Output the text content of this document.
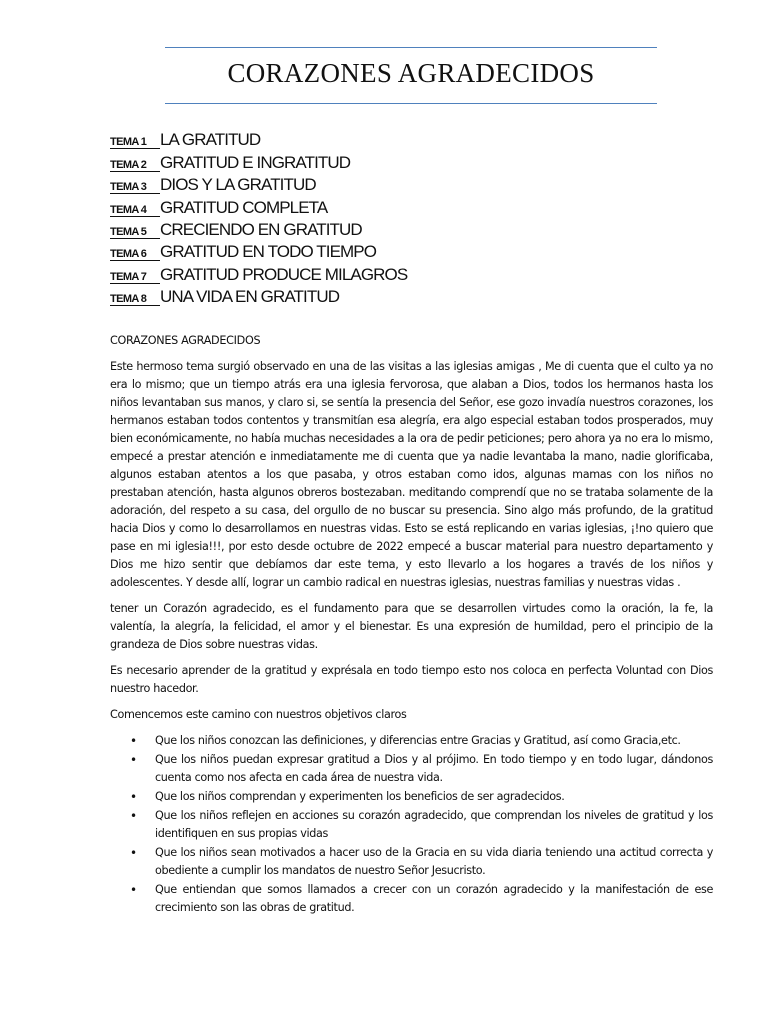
CORAZONES AGRADECIDOS
TEMA 1 LA GRATITUD
TEMA 2 GRATITUD E INGRATITUD
TEMA 3 DIOS Y LA GRATITUD
TEMA 4 GRATITUD COMPLETA
TEMA 5 CRECIENDO EN GRATITUD
TEMA 6 GRATITUD EN TODO TIEMPO
TEMA 7 GRATITUD PRODUCE MILAGROS
TEMA 8 UNA VIDA EN GRATITUD

CORAZONES AGRADECIDOS

Este hermoso tema surgió observado en una de las visitas a las iglesias amigas , Me di cuenta que el culto ya no era lo mismo; que un tiempo atrás era una iglesia fervorosa, que alaban a Dios, todos los hermanos hasta los niños levantaban sus manos, y claro si, se sentía la presencia del Señor, ese gozo invadía nuestros corazones, los hermanos estaban todos contentos y transmitían esa alegría, era algo especial estaban todos prosperados, muy bien económicamente, no había muchas necesidades a la ora de pedir peticiones; pero ahora ya no era lo mismo, empecé a prestar atención e inmediatamente me di cuenta que ya nadie levantaba la mano, nadie glorificaba, algunos estaban atentos a los que pasaba, y otros estaban como idos, algunas mamas con los niños no prestaban atención, hasta algunos obreros bostezaban. meditando comprendí que no se trataba solamente de la adoración, del respeto a su casa, del orgullo de no buscar su presencia. Sino algo más profundo, de la gratitud hacia Dios y como lo desarrollamos en nuestras vidas. Esto se está replicando en varias iglesias, ¡!no quiero que pase en mi iglesia!!!, por esto desde octubre de 2022 empecé a buscar material para nuestro departamento y Dios me hizo sentir que debíamos dar este tema, y esto llevarlo a los hogares a través de los niños y adolescentes. Y desde allí, lograr un cambio radical en nuestras iglesias, nuestras familias y nuestras vidas .

tener un Corazón agradecido, es el fundamento para que se desarrollen virtudes como la oración, la fe, la valentía, la alegría, la felicidad, el amor y el bienestar. Es una expresión de humildad, pero el principio de la grandeza de Dios sobre nuestras vidas.

Es necesario aprender de la gratitud y exprésala en todo tiempo esto nos coloca en perfecta Voluntad con Dios nuestro hacedor.

Comencemos este camino con nuestros objetivos claros

• Que los niños conozcan las definiciones, y diferencias entre Gracias y Gratitud, así como Gracia,etc.
• Que los niños puedan expresar gratitud a Dios y al prójimo. En todo tiempo y en todo lugar, dándonos cuenta como nos afecta en cada área de nuestra vida.
• Que los niños comprendan y experimenten los beneficios de ser agradecidos.
• Que los niños reflejen en acciones su corazón agradecido, que comprendan los niveles de gratitud y los identifiquen en sus propias vidas
• Que los niños sean motivados a hacer uso de la Gracia en su vida diaria teniendo una actitud correcta y obediente a cumplir los mandatos de nuestro Señor Jesucristo.
• Que entiendan que somos llamados a crecer con un corazón agradecido y la manifestación de ese crecimiento son las obras de gratitud.
